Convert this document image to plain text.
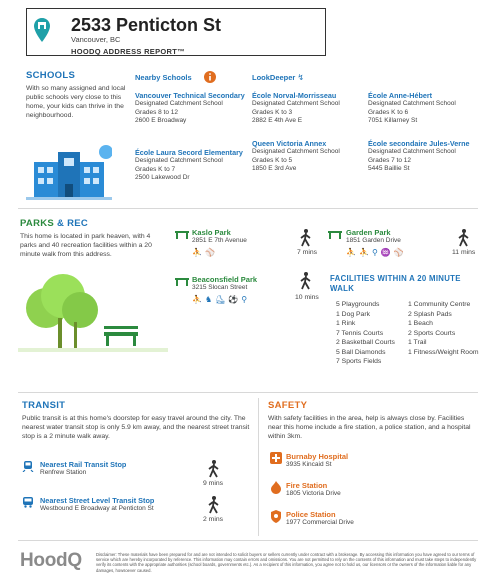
2533 Penticton St
Vancouver, BC
HOODQ ADDRESS REPORT™
SCHOOLS
With so many assigned and local public schools very close to this home, your kids can thrive in the neighbourhood.
Nearby Schools	LookDeeper ↯
Vancouver Technical Secondary
Designated Catchment School
Grades 8 to 12
2600 E Broadway
École Laura Secord Elementary
Designated Catchment School
Grades K to 7
2500 Lakewood Dr
École Norval-Morrisseau
Designated Catchment School
Grades K to 3
2882 E 4th Ave E
Queen Victoria Annex
Designated Catchment School
Grades K to 5
1850 E 3rd Ave
École Anne-Hébert
Designated Catchment School
Grades K to 6
7051 Killarney St
École secondaire Jules-Verne
Designated Catchment School
Grades 7 to 12
5445 Baillie St
PARKS & REC
This home is located in park heaven, with 4 parks and 40 recreation facilities within a 20 minute walk from this address.
Kaslo Park
2851 E 7th Avenue
⛹ ⚾	7 mins
Garden Park
1851 Garden Drive
⛹ ⛹ ⚲ ♒ ⚾	11 mins
Beaconsfield Park
3215 Slocan Street
⛹ ♞ ⛸ ⚽ ⚲	10 mins
FACILITIES WITHIN A 20 MINUTE WALK
5 Playgrounds
1 Dog Park
1 Rink
7 Tennis Courts
2 Basketball Courts
5 Ball Diamonds
7 Sports Fields
1 Community Centre
2 Splash Pads
1 Beach
2 Sports Courts
1 Trail
1 Fitness/Weight Room
TRANSIT
Public transit is at this home's doorstep for easy travel around the city. The nearest water transit stop is only 5.9 km away, and the nearest street transit stop is a 2 minute walk away.
Nearest Rail Transit Stop
Renfrew Station
9 mins
Nearest Street Level Transit Stop
Westbound E Broadway at Penticton St
2 mins
SAFETY
With safety facilities in the area, help is always close by. Facilities near this home include a fire station, a police station, and a hospital within 3km.
Burnaby Hospital
3935 Kincaid St
Fire Station
1805 Victoria Drive
Police Station
1977 Commercial Drive
HoodQ	Disclaimer: These materials have been prepared for and are not intended to solicit buyers or sellers currently under contract with a brokerage. By accessing this information you have agreed to our terms of service which are hereby incorporated by reference. This information may contain errors and omissions. You are not permitted to rely on the contents of this information and must take steps to independently verify its contents with the appropriate authorities (school boards, governments etc.). As a recipient of this information, you agree not to hold us, our licensors or the owners of the information liable for any damages, howsoever caused.
